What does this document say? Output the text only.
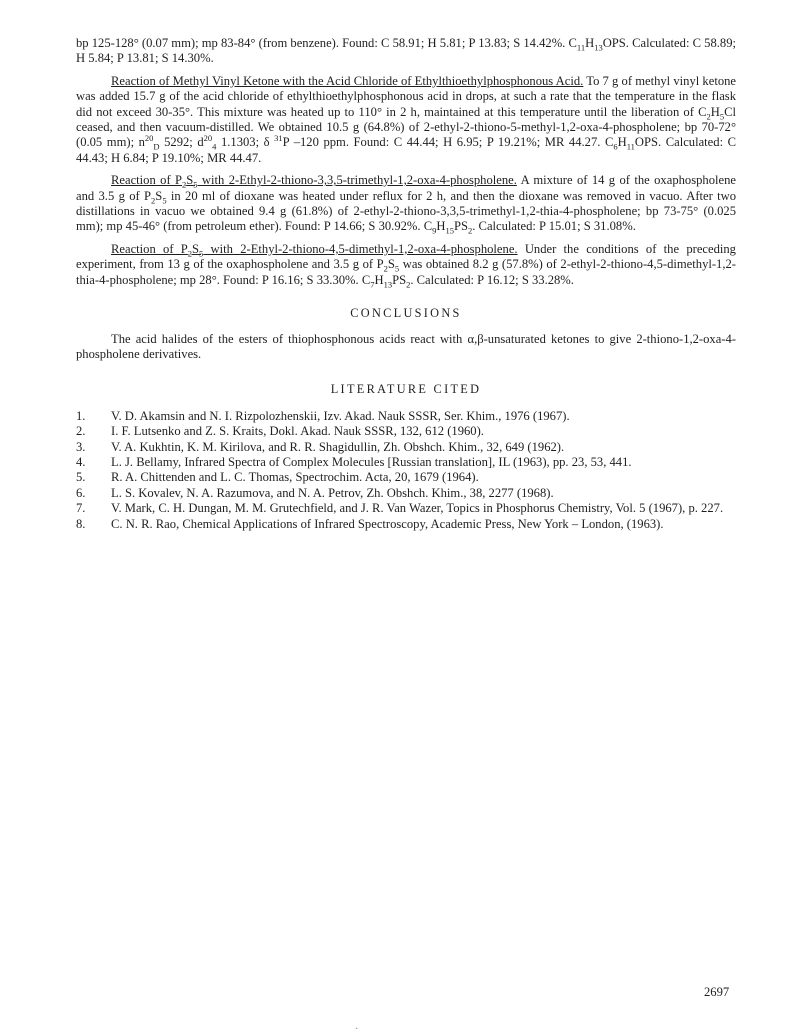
bp 125-128° (0.07 mm); mp 83-84° (from benzene). Found: C 58.91; H 5.81; P 13.83; S 14.42%. $C_{11}H_{13}OPS$. Calculated: C 58.89; H 5.84; P 13.81; S 14.30%.

Reaction of Methyl Vinyl Ketone with the Acid Chloride of Ethylthioethylphosphonous Acid. To 7 g of methyl vinyl ketone was added 15.7 g of the acid chloride of ethylthioethylphosphonous acid in drops, at such a rate that the temperature in the flask did not exceed 30-35°. This mixture was heated up to 110° in 2 h, maintained at this temperature until the liberation of $C_2H_5Cl$ ceased, and then vacuum-distilled. We obtained 10.5 g (64.8%) of 2-ethyl-2-thiono-5-methyl-1,2-oxa-4-phospholene; bp 70-72° (0.05 mm); $n^{20}_D$ 5292; $d^{20}_4$ 1.1303; δ $^{31}$P –120 ppm. Found: C 44.44; H 6.95; P 19.21%; MR 44.27. $C_6H_{11}OPS$. Calculated: C 44.43; H 6.84; P 19.10%; MR 44.47.

Reaction of $P_2S_5$ with 2-Ethyl-2-thiono-3,3,5-trimethyl-1,2-oxa-4-phospholene. A mixture of 14 g of the oxaphospholene and 3.5 g of $P_2S_5$ in 20 ml of dioxane was heated under reflux for 2 h, and then the dioxane was removed in vacuo. After two distillations in vacuo we obtained 9.4 g (61.8%) of 2-ethyl-2-thiono-3,3,5-trimethyl-1,2-thia-4-phospholene; bp 73-75° (0.025 mm); mp 45-46° (from petroleum ether). Found: P 14.66; S 30.92%. $C_9H_{15}PS_2$. Calculated: P 15.01; S 31.08%.

Reaction of $P_2S_5$ with 2-Ethyl-2-thiono-4,5-dimethyl-1,2-oxa-4-phospholene. Under the conditions of the preceding experiment, from 13 g of the oxaphospholene and 3.5 g of $P_2S_5$ was obtained 8.2 g (57.8%) of 2-ethyl-2-thiono-4,5-dimethyl-1,2-thia-4-phospholene; mp 28°. Found: P 16.16; S 33.30%. $C_7H_{13}PS_2$. Calculated: P 16.12; S 33.28%.

CONCLUSIONS

The acid halides of the esters of thiophosphonous acids react with α,β-unsaturated ketones to give 2-thiono-1,2-oxa-4-phospholene derivatives.

LITERATURE CITED
1.	V. D. Akamsin and N. I. Rizpolozhenskii, Izv. Akad. Nauk SSSR, Ser. Khim., 1976 (1967).
2.	I. F. Lutsenko and Z. S. Kraits, Dokl. Akad. Nauk SSSR, 132, 612 (1960).
3.	V. A. Kukhtin, K. M. Kirilova, and R. R. Shagidullin, Zh. Obshch. Khim., 32, 649 (1962).
4.	L. J. Bellamy, Infrared Spectra of Complex Molecules [Russian translation], IL (1963), pp. 23, 53, 441.
5.	R. A. Chittenden and L. C. Thomas, Spectrochim. Acta, 20, 1679 (1964).
6.	L. S. Kovalev, N. A. Razumova, and N. A. Petrov, Zh. Obshch. Khim., 38, 2277 (1968).
7.	V. Mark, C. H. Dungan, M. M. Grutechfield, and J. R. Van Wazer, Topics in Phosphorus Chemistry, Vol. 5 (1967), p. 227.
8.	C. N. R. Rao, Chemical Applications of Infrared Spectroscopy, Academic Press, New York – London, (1963).
2697
·
